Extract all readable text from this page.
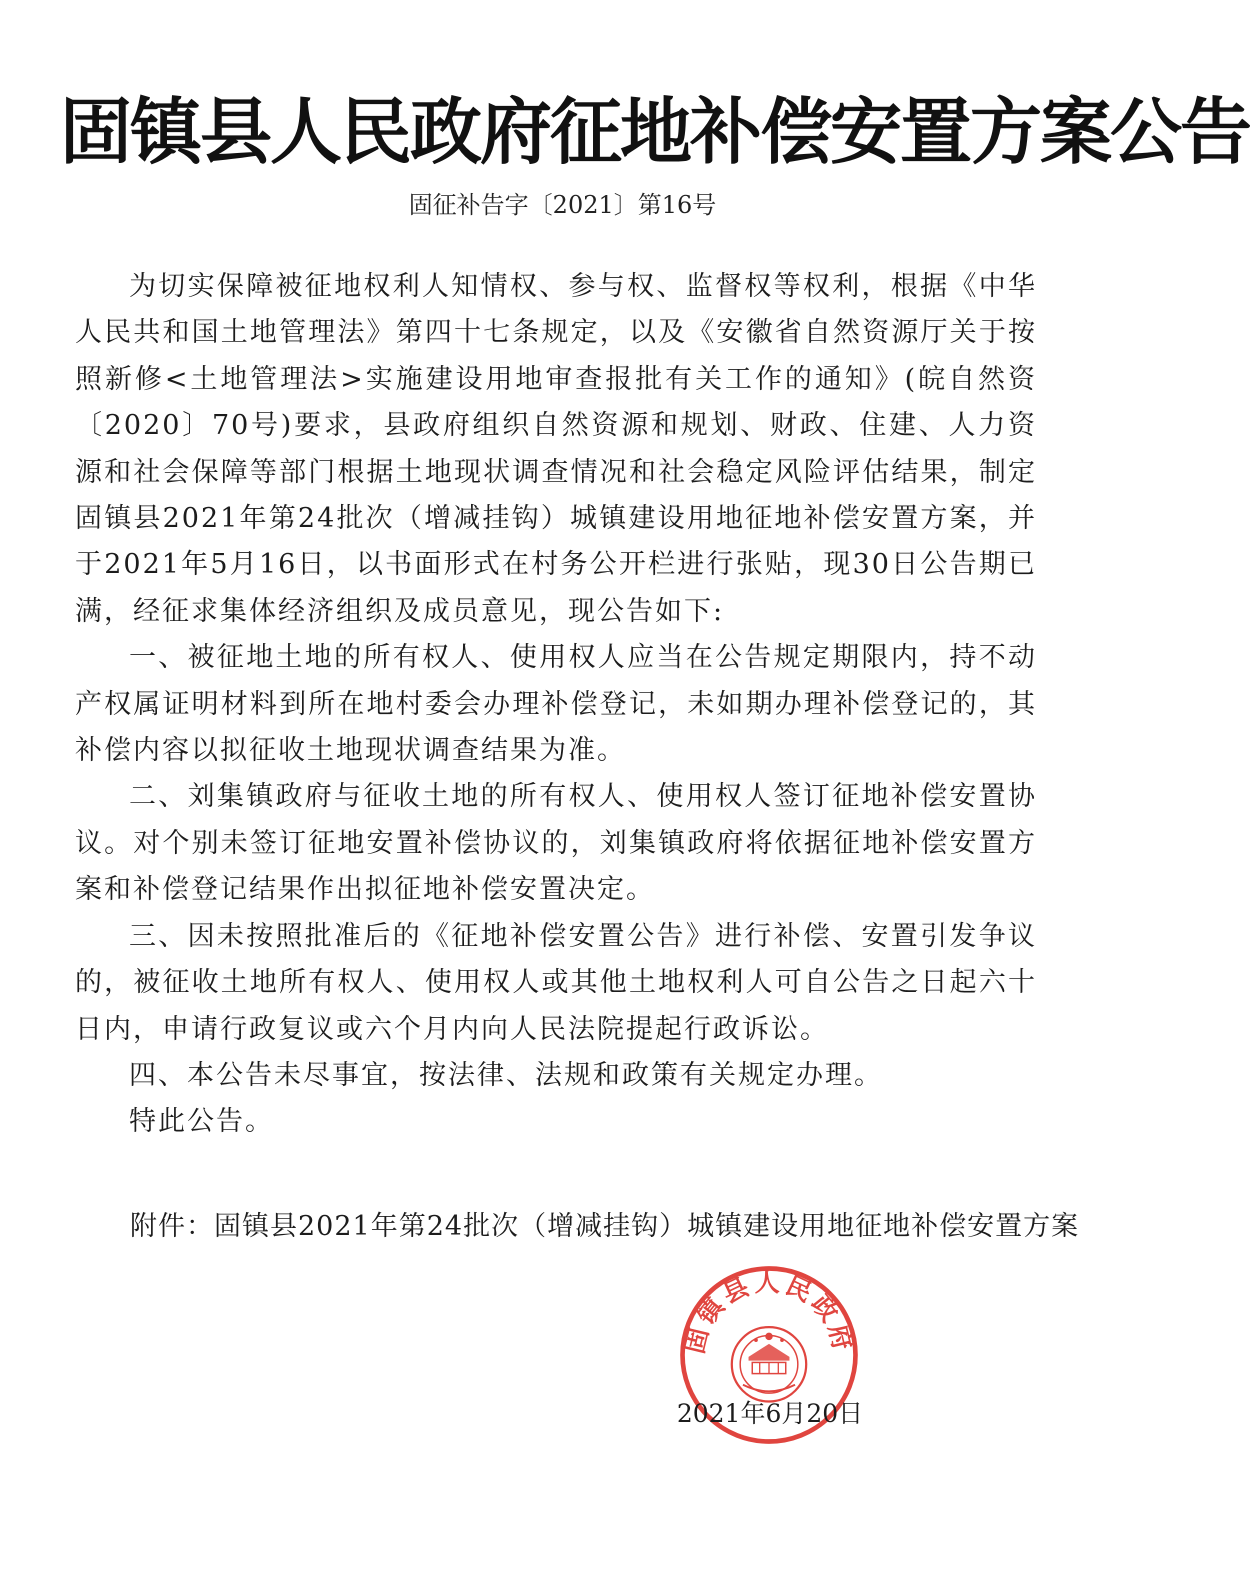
固镇县人民政府征地补偿安置方案公告
固征补告字〔2021〕第16号

为切实保障被征地权利人知情权、参与权、监督权等权利，根据《中华人民共和国土地管理法》第四十七条规定，以及《安徽省自然资源厅关于按照新修<土地管理法>实施建设用地审查报批有关工作的通知》(皖自然资〔2020〕70号)要求，县政府组织自然资源和规划、财政、住建、人力资源和社会保障等部门根据土地现状调查情况和社会稳定风险评估结果，制定固镇县2021年第24批次（增减挂钩）城镇建设用地征地补偿安置方案，并于2021年5月16日，以书面形式在村务公开栏进行张贴，现30日公告期已满，经征求集体经济组织及成员意见，现公告如下:

一、被征地土地的所有权人、使用权人应当在公告规定期限内，持不动产权属证明材料到所在地村委会办理补偿登记，未如期办理补偿登记的，其补偿内容以拟征收土地现状调查结果为准。

二、刘集镇政府与征收土地的所有权人、使用权人签订征地补偿安置协议。对个别未签订征地安置补偿协议的，刘集镇政府将依据征地补偿安置方案和补偿登记结果作出拟征地补偿安置决定。

三、因未按照批准后的《征地补偿安置公告》进行补偿、安置引发争议的，被征收土地所有权人、使用权人或其他土地权利人可自公告之日起六十日内，申请行政复议或六个月内向人民法院提起行政诉讼。

四、本公告未尽事宜，按法律、法规和政策有关规定办理。

特此公告。

附件：固镇县2021年第24批次（增减挂钩）城镇建设用地征地补偿安置方案
固镇县人民政府
2021年6月20日
